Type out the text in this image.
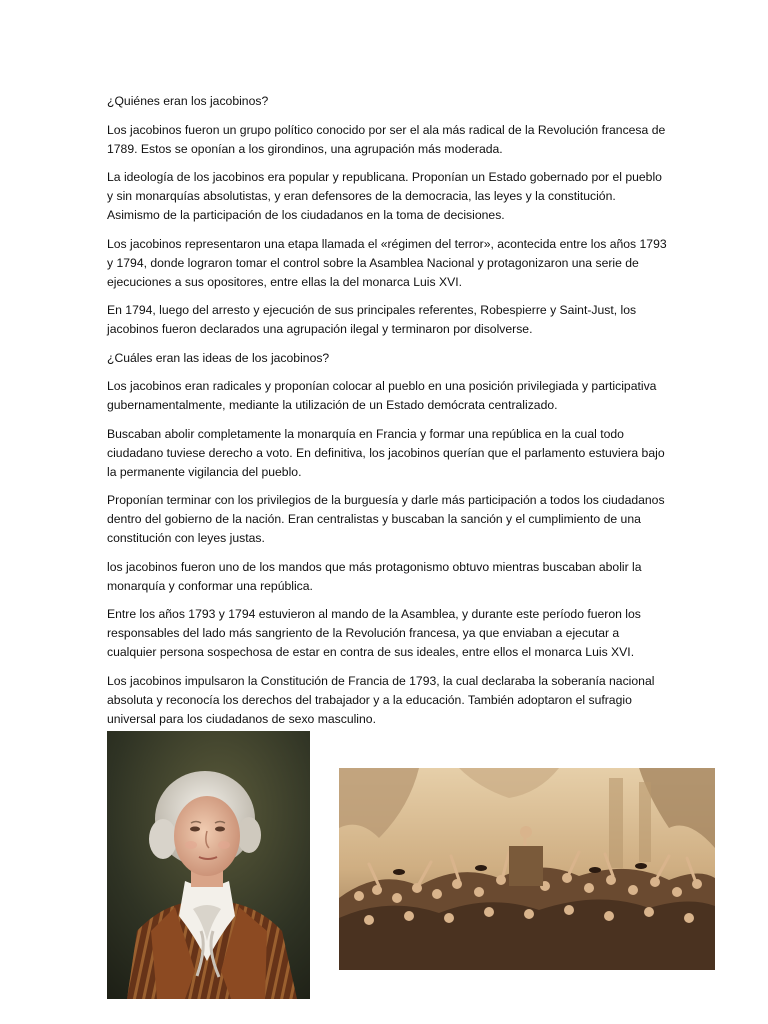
¿Quiénes eran los jacobinos?

Los jacobinos fueron un grupo político conocido por ser el ala más radical de la Revolución francesa de 1789. Estos se oponían a los girondinos, una agrupación más moderada.

La ideología de los jacobinos era popular y republicana. Proponían un Estado gobernado por el pueblo y sin monarquías absolutistas, y eran defensores de la democracia, las leyes y la constitución. Asimismo de la participación de los ciudadanos en la toma de decisiones.

Los jacobinos representaron una etapa llamada el «régimen del terror», acontecida entre los años 1793 y 1794, donde lograron tomar el control sobre la Asamblea Nacional y protagonizaron una serie de ejecuciones a sus opositores, entre ellas la del monarca Luis XVI.

En 1794, luego del arresto y ejecución de sus principales referentes, Robespierre y Saint-Just, los jacobinos fueron declarados una agrupación ilegal y terminaron por disolverse.

¿Cuáles eran las ideas de los jacobinos?

Los jacobinos eran radicales y proponían colocar al pueblo en una posición privilegiada y participativa gubernamentalmente, mediante la utilización de un Estado demócrata centralizado.

Buscaban abolir completamente la monarquía en Francia y formar una república en la cual todo ciudadano tuviese derecho a voto. En definitiva, los jacobinos querían que el parlamento estuviera bajo la permanente vigilancia del pueblo.

Proponían terminar con los privilegios de la burguesía y darle más participación a todos los ciudadanos dentro del gobierno de la nación. Eran centralistas y buscaban la sanción y el cumplimiento de una constitución con leyes justas.

los jacobinos fueron uno de los mandos que más protagonismo obtuvo mientras buscaban abolir la monarquía y conformar una república.

Entre los años 1793 y 1794 estuvieron al mando de la Asamblea, y durante este período fueron los responsables del lado más sangriento de la Revolución francesa, ya que enviaban a ejecutar a cualquier persona sospechosa de estar en contra de sus ideales, entre ellos el monarca Luis XVI.

Los jacobinos impulsaron la Constitución de Francia de 1793, la cual declaraba la soberanía nacional absoluta y reconocía los derechos del trabajador y a la educación. También adoptaron el sufragio universal para los ciudadanos de sexo masculino.
